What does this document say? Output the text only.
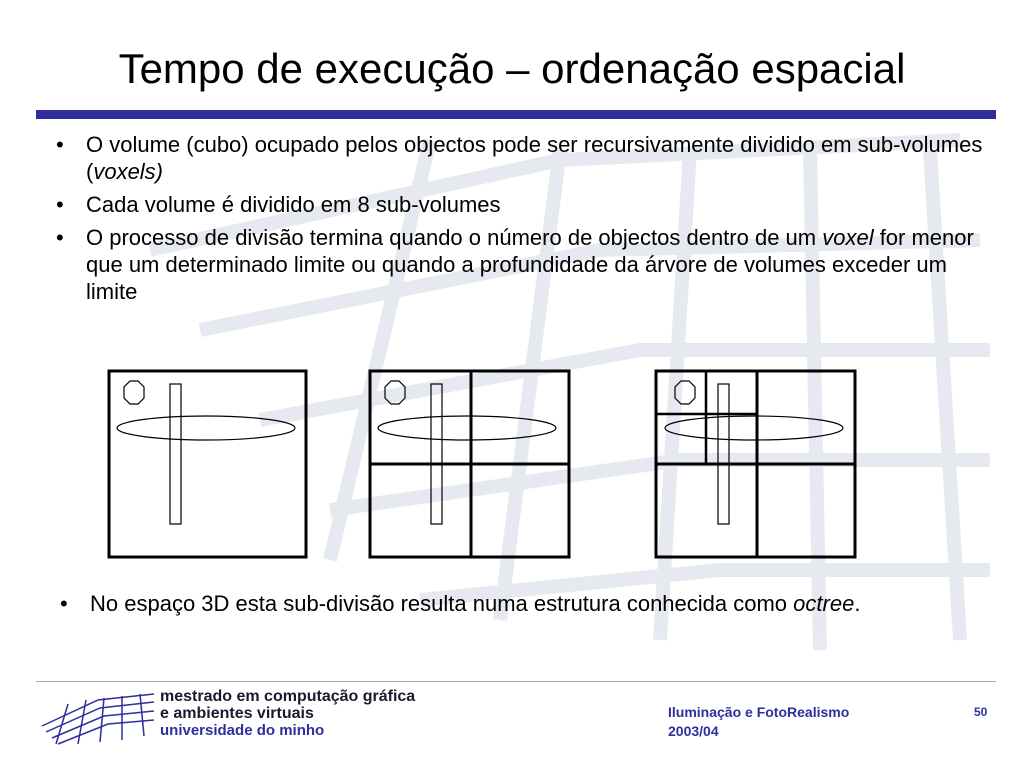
Tempo de execução – ordenação espacial
• O volume (cubo) ocupado pelos objectos pode ser recursivamente dividido em sub-volumes (voxels)
• Cada volume é dividido em 8 sub-volumes
• O processo de divisão termina quando o número de objectos dentro de um voxel for menor que um determinado limite ou quando a profundidade da árvore de volumes exceder um limite
• No espaço 3D esta sub-divisão resulta numa estrutura conhecida como octree.
mestrado em computação gráfica
e ambientes virtuais
universidade do minho
Iluminação e FotoRealismo
2003/04
50
